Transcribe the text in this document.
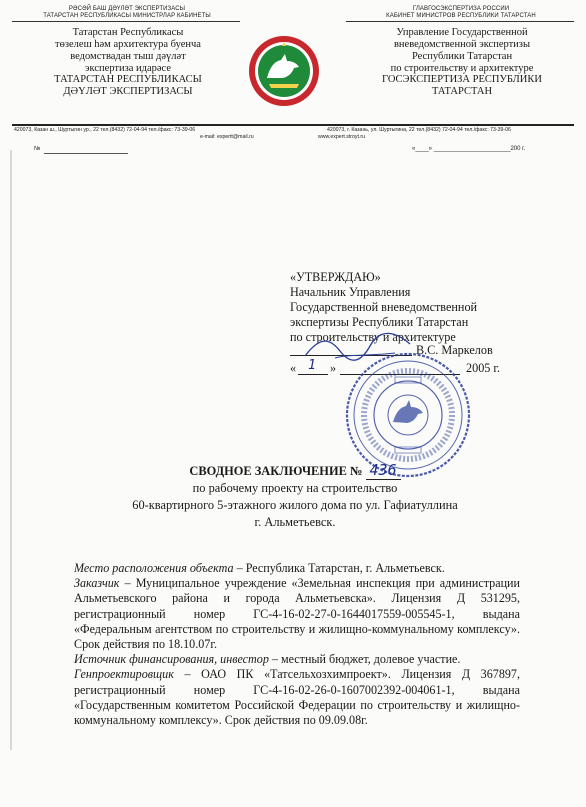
РӘСӘЙ БАШ ДӘҮЛӘТ ЭКСПЕРТИЗАСЫ
ТАТАРСТАН РЕСПУБЛИКАСЫ МИНИСТРЛАР КАБИНЕТЫ
Татарстан Республикасы
төзелеш һәм архитектура буенча
ведомствадан тыш дәүләт
экспертиза идарәсе
ТАТАРСТАН РЕСПУБЛИКАСЫ
ДӘҮЛӘТ ЭКСПЕРТИЗАСЫ
ГЛАВГОСЭКСПЕРТИЗА РОССИИ
КАБИНЕТ МИНИСТРОВ РЕСПУБЛИКИ ТАТАРСТАН
Управление Государственной
вневедомственной экспертизы
Республики Татарстан
по строительству и архитектуре
ГОСЭКСПЕРТИЗА РЕСПУБЛИКИ
ТАТАРСТАН
420073, Казан ш., Шуртыгин ур., 22 тел.(8432) 72-04-94 тел./факс: 73-39-06	420073, г. Казань, ул. Шуртыгина, 22 тел.(8432) 72-04-94 тел./факс: 73-39-06
e-mail: expertt@mail.ru	www.expert.stroyt.ru
№	«____» _______________________200 г.
«УТВЕРЖДАЮ»
Начальник Управления
Государственной вневедомственной
экспертизы Республики Татарстан
по строительству и архитектуре
В.С. Маркелов
« 1 »	2005 г.
СВОДНОЕ ЗАКЛЮЧЕНИЕ № 436
по рабочему проекту на строительство
60-квартирного 5-этажного жилого дома по ул. Гафиатуллина
г. Альметьевск.

Место расположения объекта – Республика Татарстан, г. Альметьевск.

Заказчик – Муниципальное учреждение «Земельная инспекция при администрации Альметьевского района и города Альметьевска». Лицензия Д 531295, регистрационный номер ГС-4-16-02-27-0-1644017559-005545-1, выдана «Федеральным агентством по строительству и жилищно-коммунальному комплексу». Срок действия по 18.10.07г.

Источник финансирования, инвестор – местный бюджет, долевое участие.

Генпроектировщик – ОАО ПК «Татсельхозхимпроект». Лицензия Д 367897, регистрационный номер ГС-4-16-02-26-0-1607002392-004061-1, выдана «Государственным комитетом Российской Федерации по строительству и жилищно-коммунальному комплексу». Срок действия по 09.09.08г.
